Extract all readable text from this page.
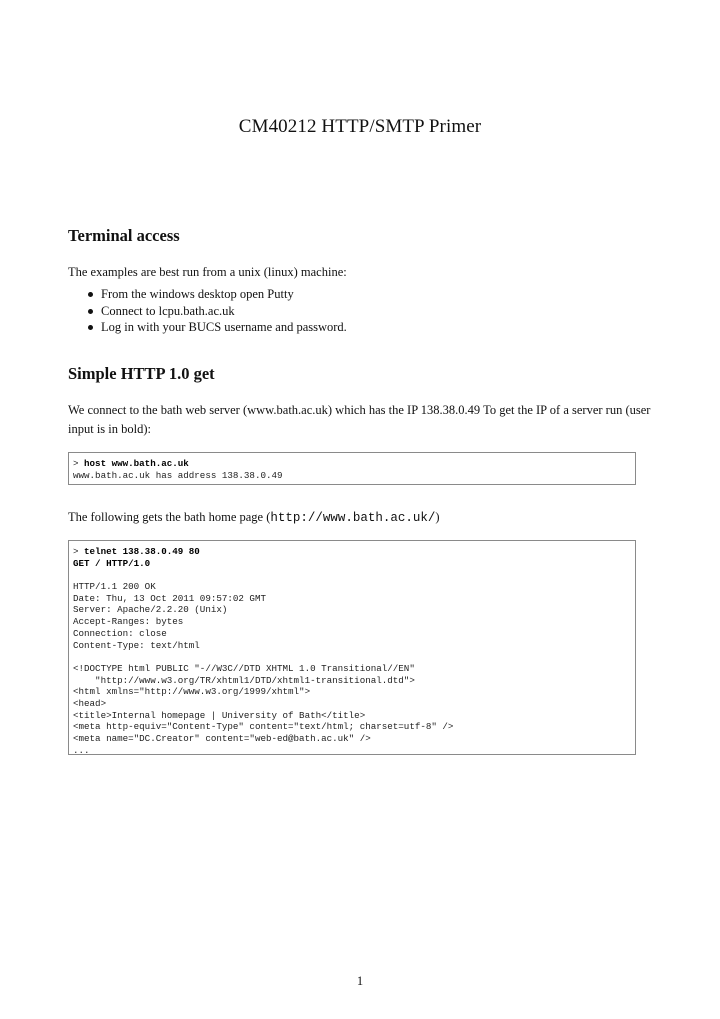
CM40212 HTTP/SMTP Primer
Terminal access
The examples are best run from a unix (linux) machine:
From the windows desktop open Putty
Connect to lcpu.bath.ac.uk
Log in with your BUCS username and password.
Simple HTTP 1.0 get
We connect to the bath web server (www.bath.ac.uk) which has the IP 138.38.0.49 To get the IP of a server run (user input is in bold):
> host www.bath.ac.uk
www.bath.ac.uk has address 138.38.0.49
The following gets the bath home page (http://www.bath.ac.uk/)
> telnet 138.38.0.49 80
GET / HTTP/1.0
HTTP/1.1 200 OK
Date: Thu, 13 Oct 2011 09:57:02 GMT
Server: Apache/2.2.20 (Unix)
Accept-Ranges: bytes
Connection: close
Content-Type: text/html
<!DOCTYPE html PUBLIC "-//W3C//DTD XHTML 1.0 Transitional//EN"
"http://www.w3.org/TR/xhtml1/DTD/xhtml1-transitional.dtd">
<html xmlns="http://www.w3.org/1999/xhtml">
<head>
<title>Internal homepage | University of Bath</title>
<meta http-equiv="Content-Type" content="text/html; charset=utf-8" />
<meta name="DC.Creator" content="web-ed@bath.ac.uk" />
...
1
